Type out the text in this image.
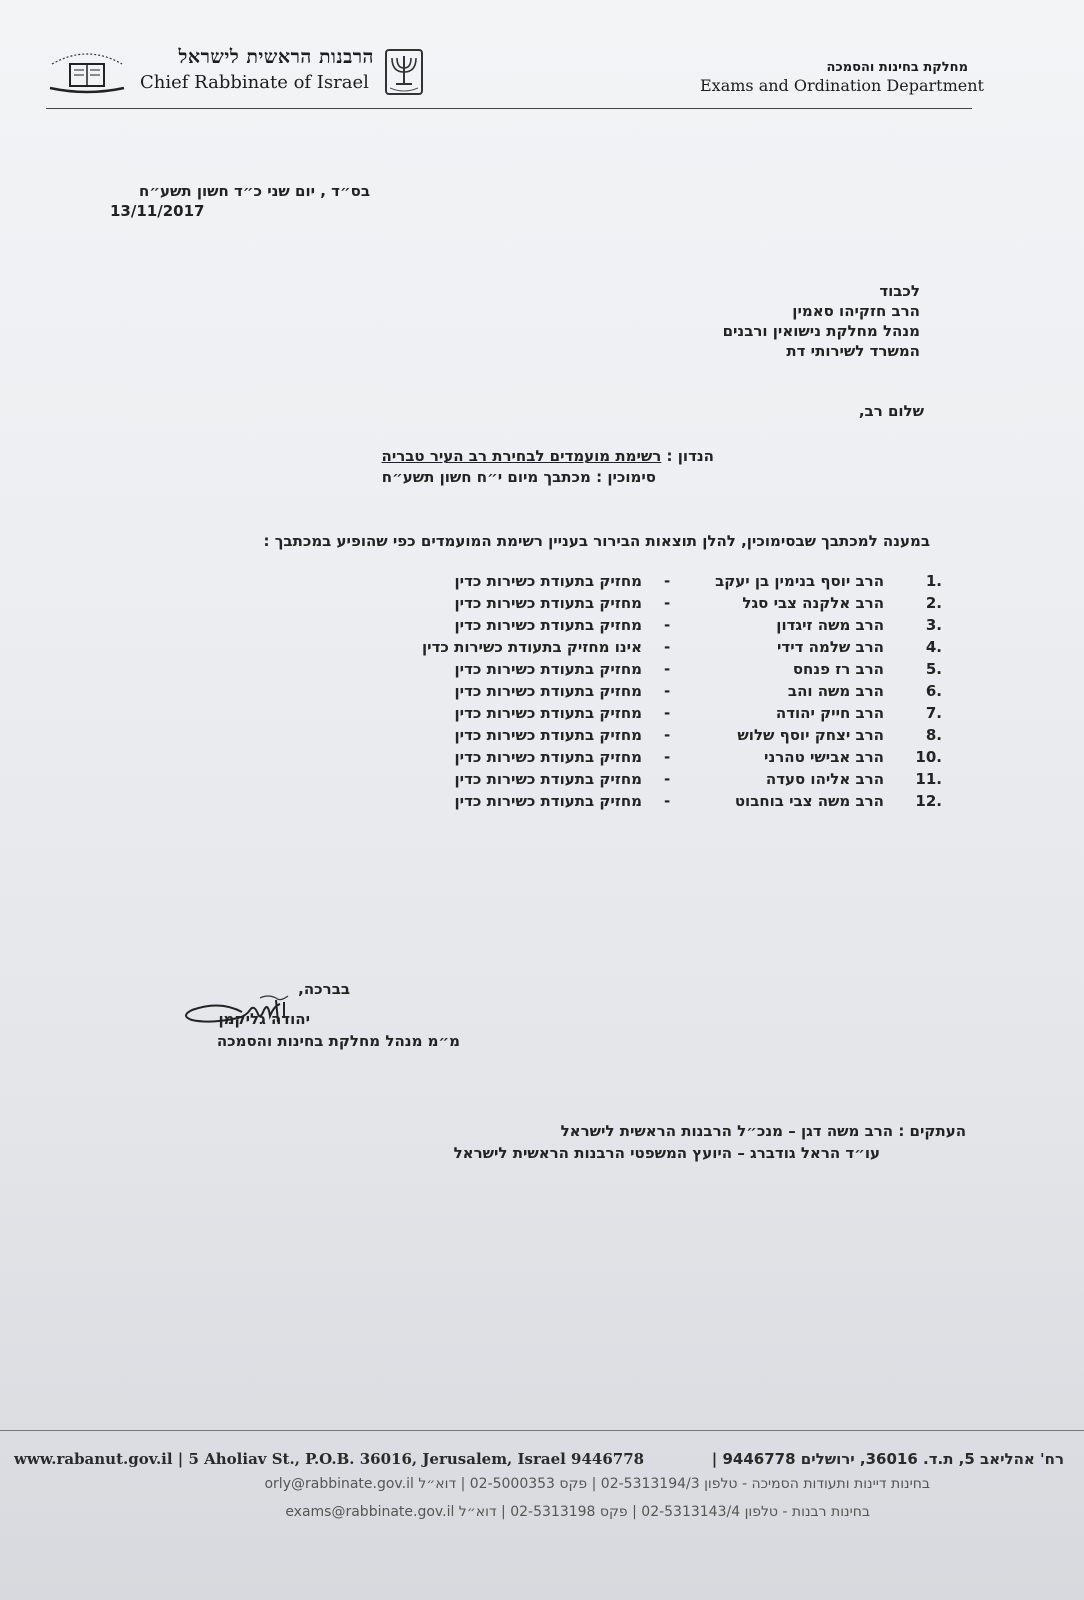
הרבנות הראשית לישראל
Chief Rabbinate of Israel
מחלקת בחינות והסמכה
Exams and Ordination Department
בס״ד , יום שני כ״ד חשון תשע״ח
13/11/2017
לכבוד
הרב חזקיהו סאמין
מנהל מחלקת נישואין ורבנים
המשרד לשירותי דת
שלום רב,
הנדון : רשימת מועמדים לבחירת רב העיר טבריה
סימוכין : מכתבך מיום י״ח חשון תשע״ח
במענה למכתבך שבסימוכין, להלן תוצאות הבירור בעניין רשימת המועמדים כפי שהופיע במכתבך :
1.
הרב יוסף בנימין בן יעקב
-
מחזיק בתעודת כשירות כדין
2.
הרב אלקנה צבי סגל
-
מחזיק בתעודת כשירות כדין
3.
הרב משה זיגדון
-
מחזיק בתעודת כשירות כדין
4.
הרב שלמה דידי
-
אינו מחזיק בתעודת כשירות כדין
5.
הרב רז פנחס
-
מחזיק בתעודת כשירות כדין
6.
הרב משה והב
-
מחזיק בתעודת כשירות כדין
7.
הרב חייק יהודה
-
מחזיק בתעודת כשירות כדין
8.
הרב יצחק יוסף שלוש
-
מחזיק בתעודת כשירות כדין
10.
הרב אבישי טהרני
-
מחזיק בתעודת כשירות כדין
11.
הרב אליהו סעדה
-
מחזיק בתעודת כשירות כדין
12.
הרב משה צבי בוחבוט
-
מחזיק בתעודת כשירות כדין
בברכה,
יהודה גליקמן
מ״מ מנהל מחלקת בחינות והסמכה
העתקים : הרב משה דגן – מנכ״ל הרבנות הראשית לישראל
עו״ד הראל גודברג – היועץ המשפטי הרבנות הראשית לישראל
www.rabanut.gov.il | 5 Aholiav St., P.O.B. 36016, Jerusalem, Israel 9446778	רח' אהליאב 5, ת.ד. 36016, ירושלים 9446778 |
בחינות דיינות ותעודות הסמיכה - טלפון 02-5313194/3 | פקס 02-5000353 | דוא״ל orly@rabbinate.gov.il
בחינות רבנות - טלפון 02-5313143/4 | פקס 02-5313198 | דוא״ל exams@rabbinate.gov.il
